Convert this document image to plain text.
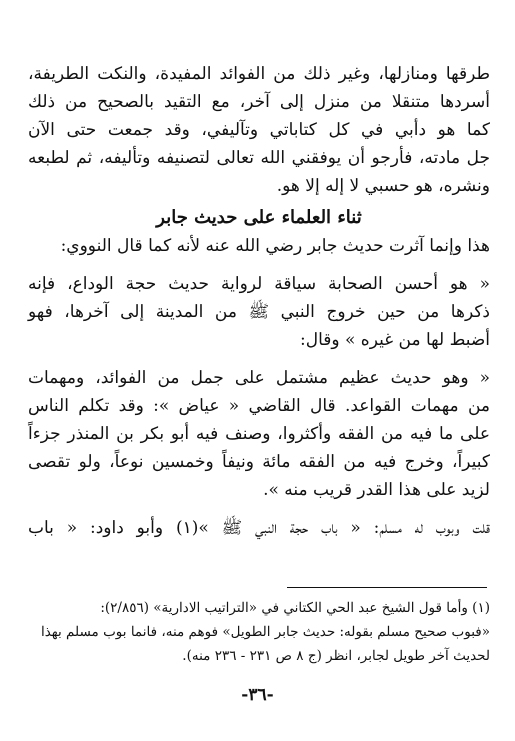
طرقها ومنازلها، وغير ذلك من الفوائد المفيدة، والنكت الطريفة،
أسردها متنقلا من منزل إلى آخر، مع التقيد بالصحيح من ذلك
كما هو دأبي في كل كتاباتي وتآليفي، وقد جمعت حتى الآن
جل مادته، فأرجو أن يوفقني الله تعالى لتصنيفه وتأليفه، ثم لطبعه
ونشره، هو حسبي لا إله إلا هو.
ثناء العلماء على حديث جابر
هذا وإنما آثرت حديث جابر رضي الله عنه لأنه كما قال النووي:
« هو أحسن الصحابة سياقة لرواية حديث حجة الوداع، فإنه
ذكرها من حين خروج النبي ﷺ من المدينة إلى آخرها، فهو
أضبط لها من غيره » وقال:
« وهو حديث عظيم مشتمل على جمل من الفوائد، ومهمات
من مهمات القواعد. قال القاضي « عياض »: وقد تكلم الناس
على ما فيه من الفقه وأكثروا، وصنف فيه أبو بكر بن المنذر جزءاً
كبيراً، وخرج فيه من الفقه مائة ونيفاً وخمسين نوعاً، ولو تقصى
لزيد على هذا القدر قريب منه ».
قلت وبوب له مسلم: « باب حجة النبي ﷺ »(١) وأبو داود: « باب
(١) وأما قول الشيخ عبد الحي الكتاني في «التراتيب الادارية» (٢/٨٥٦):
«فبوب صحيح مسلم بقوله: حديث جابر الطويل» فوهم منه، فانما بوب مسلم بهذا
لحديث آخر طويل لجابر، انظر (ج ٨ ص ٢٣١ - ٢٣٦ منه).
-٣٦-
